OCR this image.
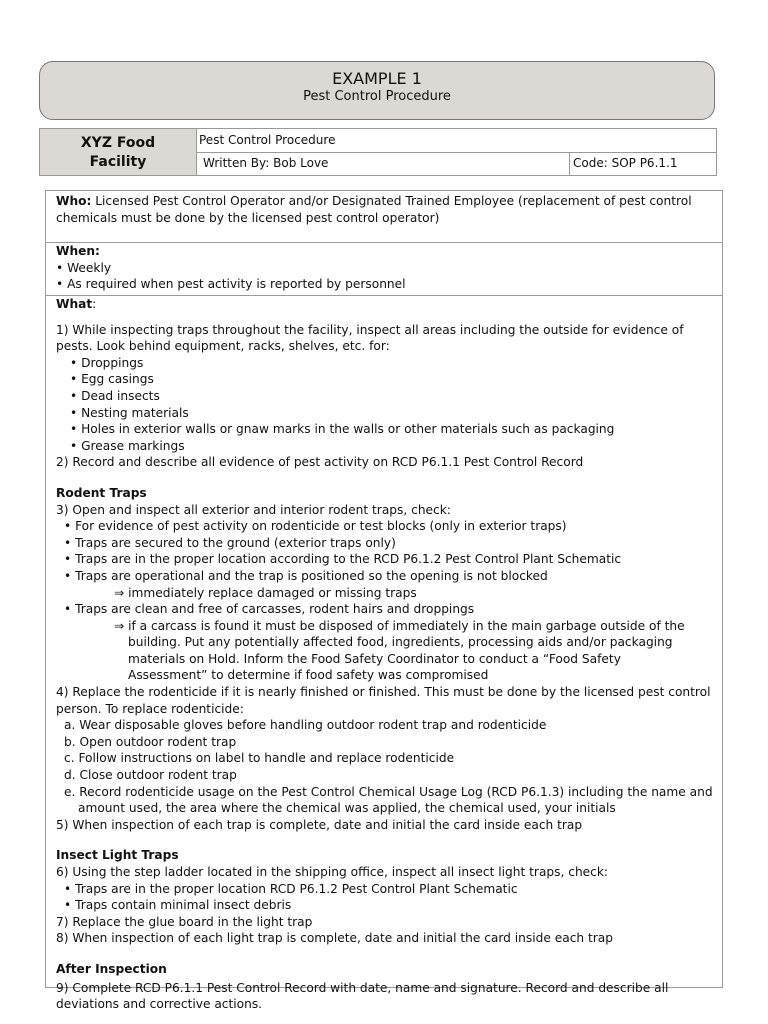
EXAMPLE 1
Pest Control Procedure
XYZ Food
Facility
Pest Control Procedure
Written By: Bob Love	Code: SOP P6.1.1
Who: Licensed Pest Control Operator and/or Designated Trained Employee (replacement of pest control chemicals must be done by the licensed pest control operator)
When:
• Weekly
• As required when pest activity is reported by personnel
What:
1) While inspecting traps throughout the facility, inspect all areas including the outside for evidence of pests. Look behind equipment, racks, shelves, etc. for:
• Droppings
• Egg casings
• Dead insects
• Nesting materials
• Holes in exterior walls or gnaw marks in the walls or other materials such as packaging
• Grease markings
2) Record and describe all evidence of pest activity on RCD P6.1.1 Pest Control Record
Rodent Traps
3) Open and inspect all exterior and interior rodent traps, check:
• For evidence of pest activity on rodenticide or test blocks (only in exterior traps)
• Traps are secured to the ground (exterior traps only)
• Traps are in the proper location according to the RCD P6.1.2 Pest Control Plant Schematic
• Traps are operational and the trap is positioned so the opening is not blocked
⇒ immediately replace damaged or missing traps
• Traps are clean and free of carcasses, rodent hairs and droppings
⇒ if a carcass is found it must be disposed of immediately in the main garbage outside of the building. Put any potentially affected food, ingredients, processing aids and/or packaging materials on Hold. Inform the Food Safety Coordinator to conduct a “Food Safety Assessment” to determine if food safety was compromised
4) Replace the rodenticide if it is nearly finished or finished. This must be done by the licensed pest control person. To replace rodenticide:
a. Wear disposable gloves before handling outdoor rodent trap and rodenticide
b. Open outdoor rodent trap
c. Follow instructions on label to handle and replace rodenticide
d. Close outdoor rodent trap
e. Record rodenticide usage on the Pest Control Chemical Usage Log (RCD P6.1.3) including the name and amount used, the area where the chemical was applied, the chemical used, your initials
5) When inspection of each trap is complete, date and initial the card inside each trap
Insect Light Traps
6) Using the step ladder located in the shipping office, inspect all insect light traps, check:
• Traps are in the proper location RCD P6.1.2 Pest Control Plant Schematic
• Traps contain minimal insect debris
7) Replace the glue board in the light trap
8) When inspection of each light trap is complete, date and initial the card inside each trap
After Inspection
9) Complete RCD P6.1.1 Pest Control Record with date, name and signature. Record and describe all deviations and corrective actions.
